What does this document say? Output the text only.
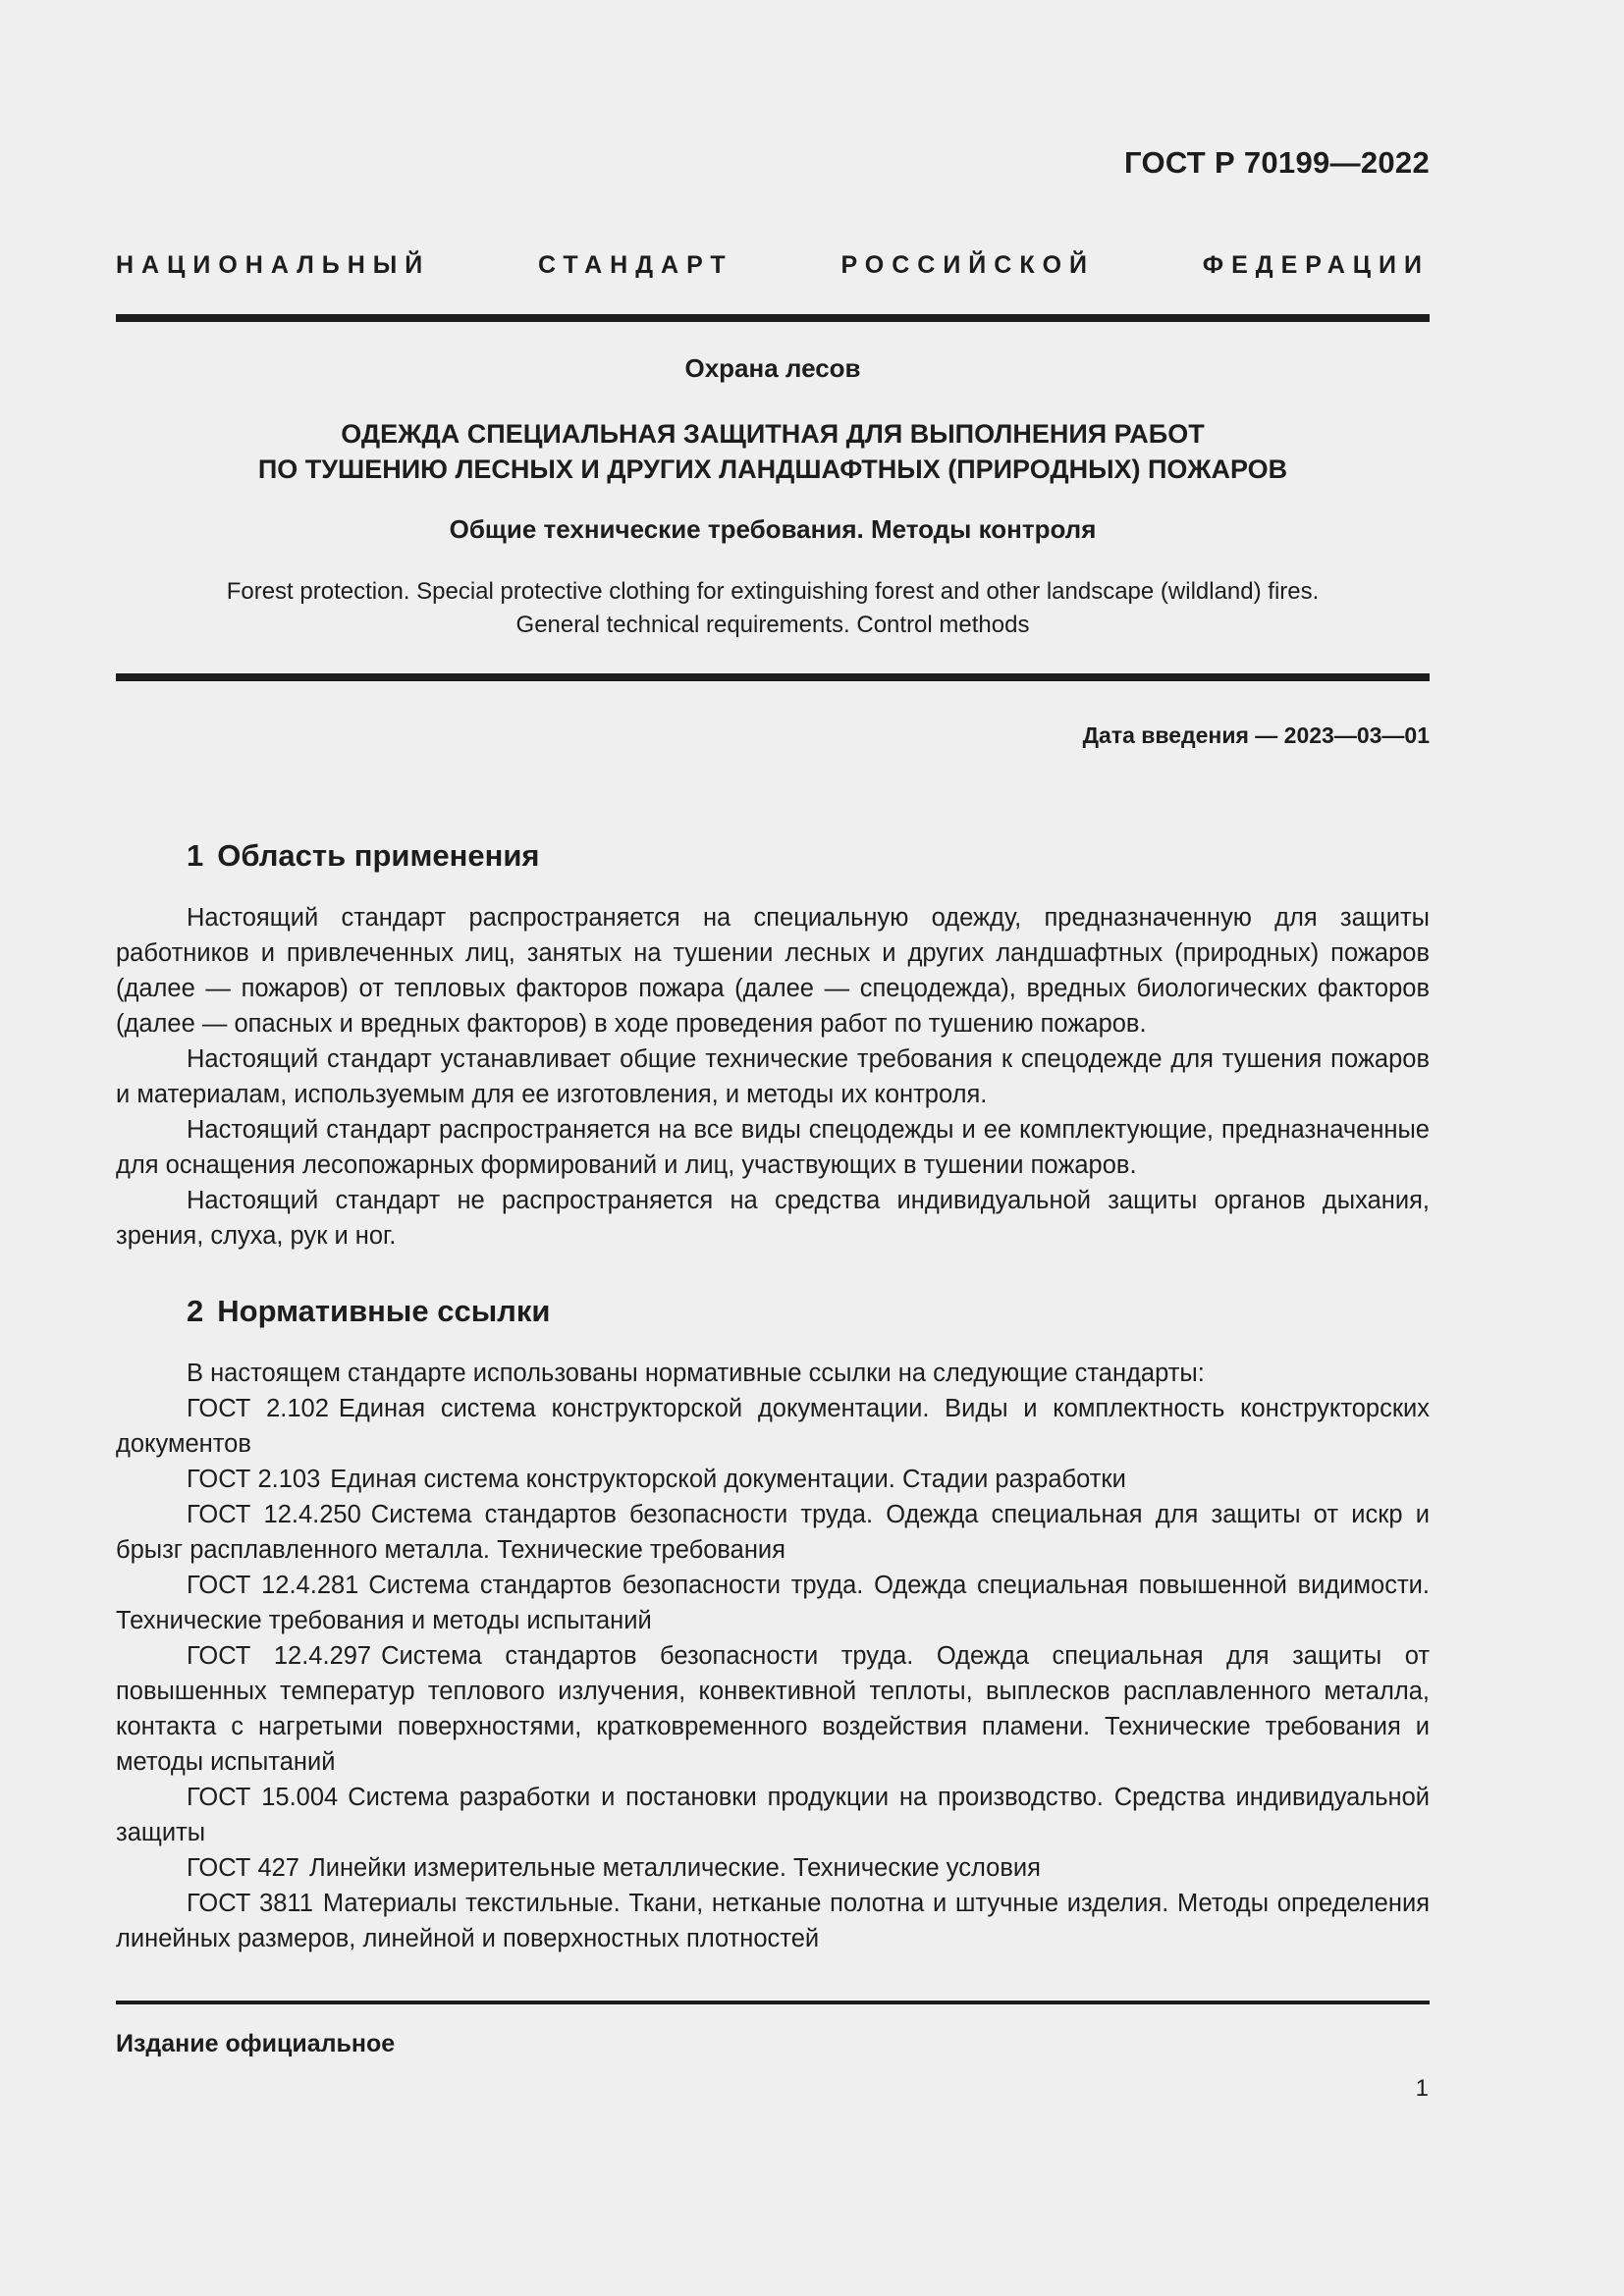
ГОСТ Р 70199—2022
НАЦИОНАЛЬНЫЙ СТАНДАРТ РОССИЙСКОЙ ФЕДЕРАЦИИ
Охрана лесов
ОДЕЖДА СПЕЦИАЛЬНАЯ ЗАЩИТНАЯ ДЛЯ ВЫПОЛНЕНИЯ РАБОТ
ПО ТУШЕНИЮ ЛЕСНЫХ И ДРУГИХ ЛАНДШАФТНЫХ (ПРИРОДНЫХ) ПОЖАРОВ
Общие технические требования. Методы контроля
Forest protection. Special protective clothing for extinguishing forest and other landscape (wildland) fires.
General technical requirements. Control methods
Дата введения — 2023—03—01
1 Область применения

Настоящий стандарт распространяется на специальную одежду, предназначенную для защиты работников и привлеченных лиц, занятых на тушении лесных и других ландшафтных (природных) пожаров (далее — пожаров) от тепловых факторов пожара (далее — спецодежда), вредных биологических факторов (далее — опасных и вредных факторов) в ходе проведения работ по тушению пожаров.

Настоящий стандарт устанавливает общие технические требования к спецодежде для тушения пожаров и материалам, используемым для ее изготовления, и методы их контроля.

Настоящий стандарт распространяется на все виды спецодежды и ее комплектующие, предназначенные для оснащения лесопожарных формирований и лиц, участвующих в тушении пожаров.

Настоящий стандарт не распространяется на средства индивидуальной защиты органов дыхания, зрения, слуха, рук и ног.

2 Нормативные ссылки

В настоящем стандарте использованы нормативные ссылки на следующие стандарты:

ГОСТ 2.102 Единая система конструкторской документации. Виды и комплектность конструкторских документов

ГОСТ 2.103 Единая система конструкторской документации. Стадии разработки

ГОСТ 12.4.250 Система стандартов безопасности труда. Одежда специальная для защиты от искр и брызг расплавленного металла. Технические требования

ГОСТ 12.4.281 Система стандартов безопасности труда. Одежда специальная повышенной видимости. Технические требования и методы испытаний

ГОСТ 12.4.297 Система стандартов безопасности труда. Одежда специальная для защиты от повышенных температур теплового излучения, конвективной теплоты, выплесков расплавленного металла, контакта с нагретыми поверхностями, кратковременного воздействия пламени. Технические требования и методы испытаний

ГОСТ 15.004 Система разработки и постановки продукции на производство. Средства индивидуальной защиты

ГОСТ 427 Линейки измерительные металлические. Технические условия

ГОСТ 3811 Материалы текстильные. Ткани, нетканые полотна и штучные изделия. Методы определения линейных размеров, линейной и поверхностных плотностей

Издание официальное
1
